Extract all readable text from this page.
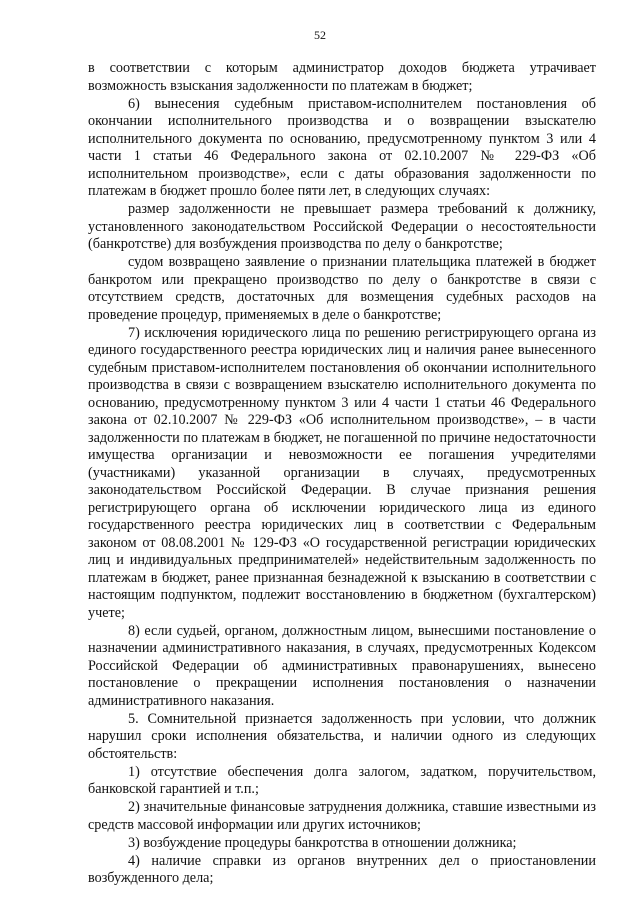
52

в соответствии с которым администратор доходов бюджета утрачивает возможность взыскания задолженности по платежам в бюджет;

6) вынесения судебным приставом-исполнителем постановления об окончании исполнительного производства и о возвращении взыскателю исполнительного документа по основанию, предусмотренному пунктом 3 или 4 части 1 статьи 46 Федерального закона от 02.10.2007 № 229-ФЗ «Об исполнительном производстве», если с даты образования задолженности по платежам в бюджет прошло более пяти лет, в следующих случаях:

размер задолженности не превышает размера требований к должнику, установленного законодательством Российской Федерации о несостоятельности (банкротстве) для возбуждения производства по делу о банкротстве;

судом возвращено заявление о признании плательщика платежей в бюджет банкротом или прекращено производство по делу о банкротстве в связи с отсутствием средств, достаточных для возмещения судебных расходов на проведение процедур, применяемых в деле о банкротстве;

7) исключения юридического лица по решению регистрирующего органа из единого государственного реестра юридических лиц и наличия ранее вынесенного судебным приставом-исполнителем постановления об окончании исполнительного производства в связи с возвращением взыскателю исполнительного документа по основанию, предусмотренному пунктом 3 или 4 части 1 статьи 46 Федерального закона от 02.10.2007 № 229-ФЗ «Об исполнительном производстве», – в части задолженности по платежам в бюджет, не погашенной по причине недостаточности имущества организации и невозможности ее погашения учредителями (участниками) указанной организации в случаях, предусмотренных законодательством Российской Федерации. В случае признания решения регистрирующего органа об исключении юридического лица из единого государственного реестра юридических лиц в соответствии с Федеральным законом от 08.08.2001 № 129-ФЗ «О государственной регистрации юридических лиц и индивидуальных предпринимателей» недействительным задолженность по платежам в бюджет, ранее признанная безнадежной к взысканию в соответствии с настоящим подпунктом, подлежит восстановлению в бюджетном (бухгалтерском) учете;

8) если судьей, органом, должностным лицом, вынесшими постановление о назначении административного наказания, в случаях, предусмотренных Кодексом Российской Федерации об административных правонарушениях, вынесено постановление о прекращении исполнения постановления о назначении административного наказания.

5. Сомнительной признается задолженность при условии, что должник нарушил сроки исполнения обязательства, и наличии одного из следующих обстоятельств:

1) отсутствие обеспечения долга залогом, задатком, поручительством, банковской гарантией и т.п.;

2) значительные финансовые затруднения должника, ставшие известными из средств массовой информации или других источников;

3) возбуждение процедуры банкротства в отношении должника;

4) наличие справки из органов внутренних дел о приостановлении возбужденного дела;
